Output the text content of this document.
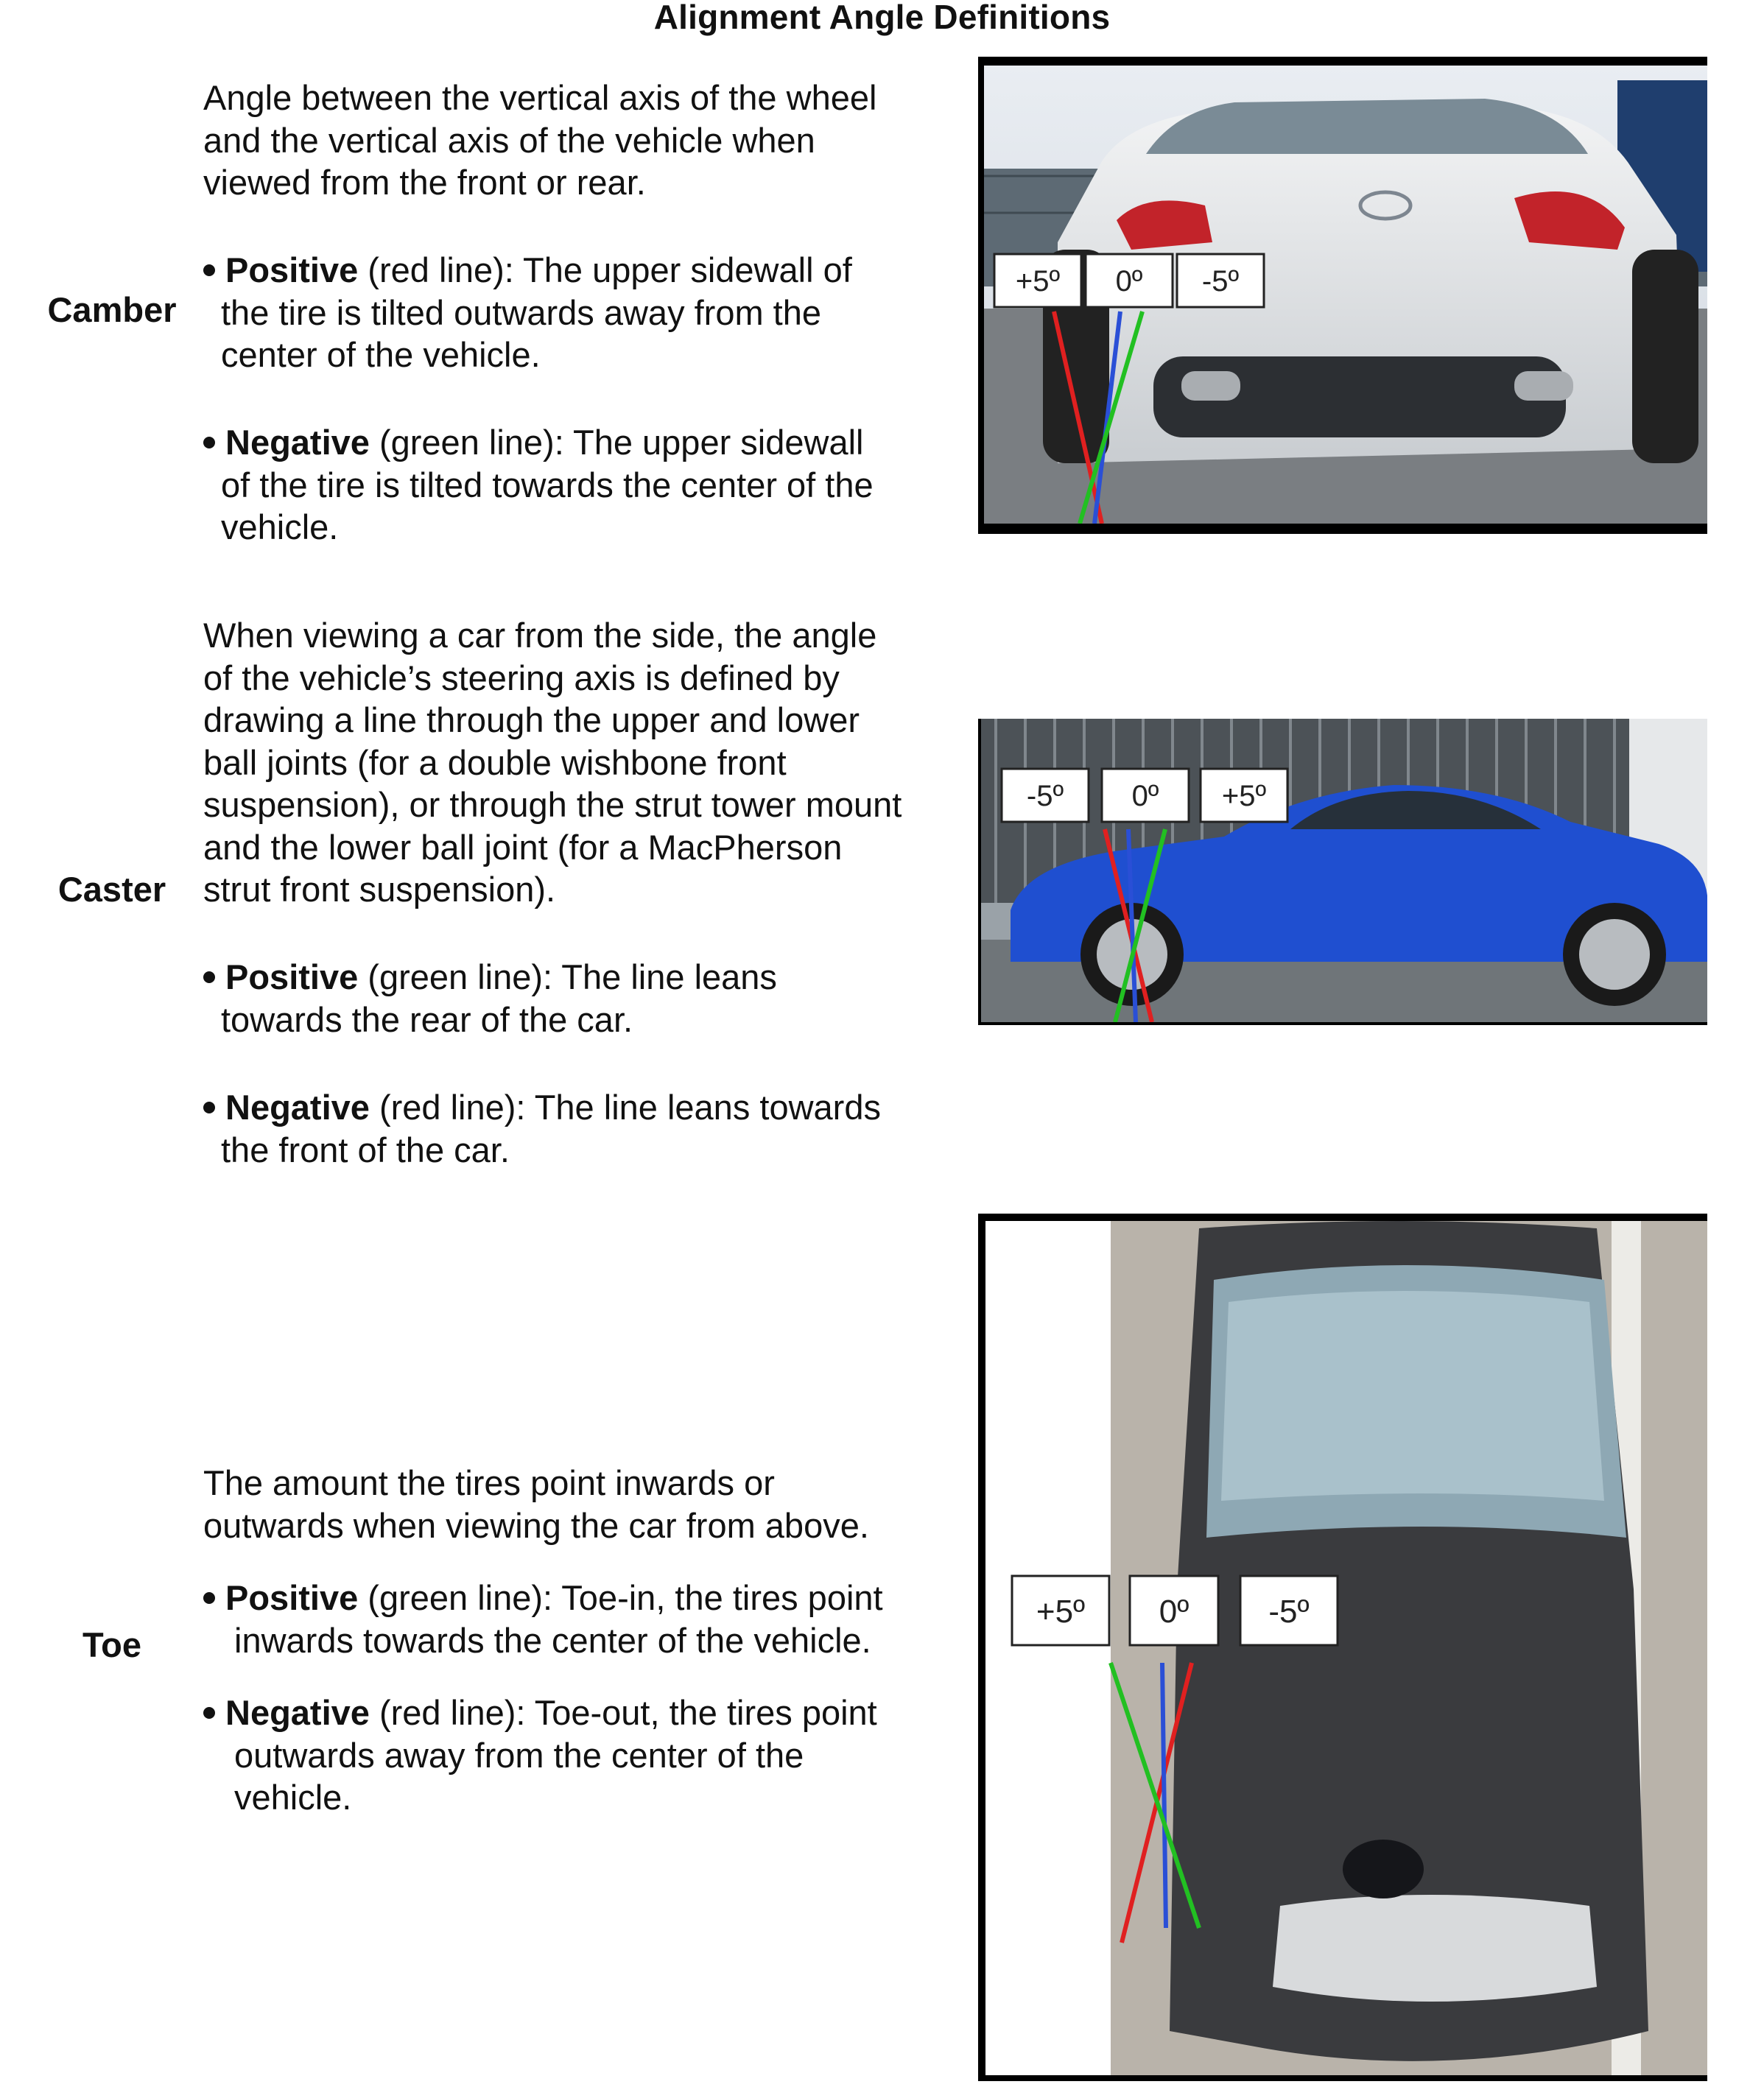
Alignment Angle Definitions
Camber
Angle between the vertical axis of the wheel
and the vertical axis of the vehicle when
viewed from the front or rear.
Positive (red line): The upper sidewall of
the tire is tilted outwards away from the
center of the vehicle.
Negative (green line): The upper sidewall
of the tire is tilted towards the center of the
vehicle.
+5º 0º -5º
Caster
When viewing a car from the side, the angle
of the vehicle’s steering axis is defined by
drawing a line through the upper and lower
ball joints (for a double wishbone front
suspension), or through the strut tower mount
and the lower ball joint (for a MacPherson
strut front suspension).
Positive (green line): The line leans
towards the rear of the car.
Negative (red line): The line leans towards
the front of the car.
-5º 0º +5º
Toe
The amount the tires point inwards or
outwards when viewing the car from above.
Positive (green line): Toe-in, the tires point
inwards towards the center of the vehicle.
Negative (red line): Toe-out, the tires point
outwards away from the center of the
vehicle.
+5º 0º -5º
